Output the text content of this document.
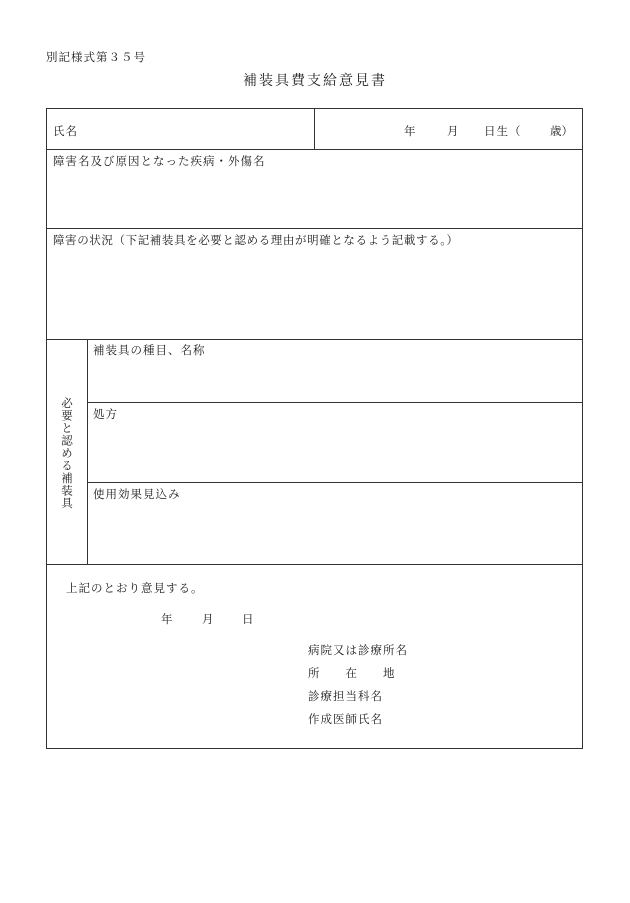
別記様式第３５号
補装具費支給意見書
氏名	年	月 日生（ 歳）
障害名及び原因となった疾病・外傷名
障害の状況（下記補装具を必要と認める理由が明確となるよう記載する。）
必要と認める補装具
補装具の種目、名称
処方
使用効果見込み
上記のとおり意見する。
年	月 日
病院又は診療所名
所　　在　　地
診療担当科名
作成医師氏名
